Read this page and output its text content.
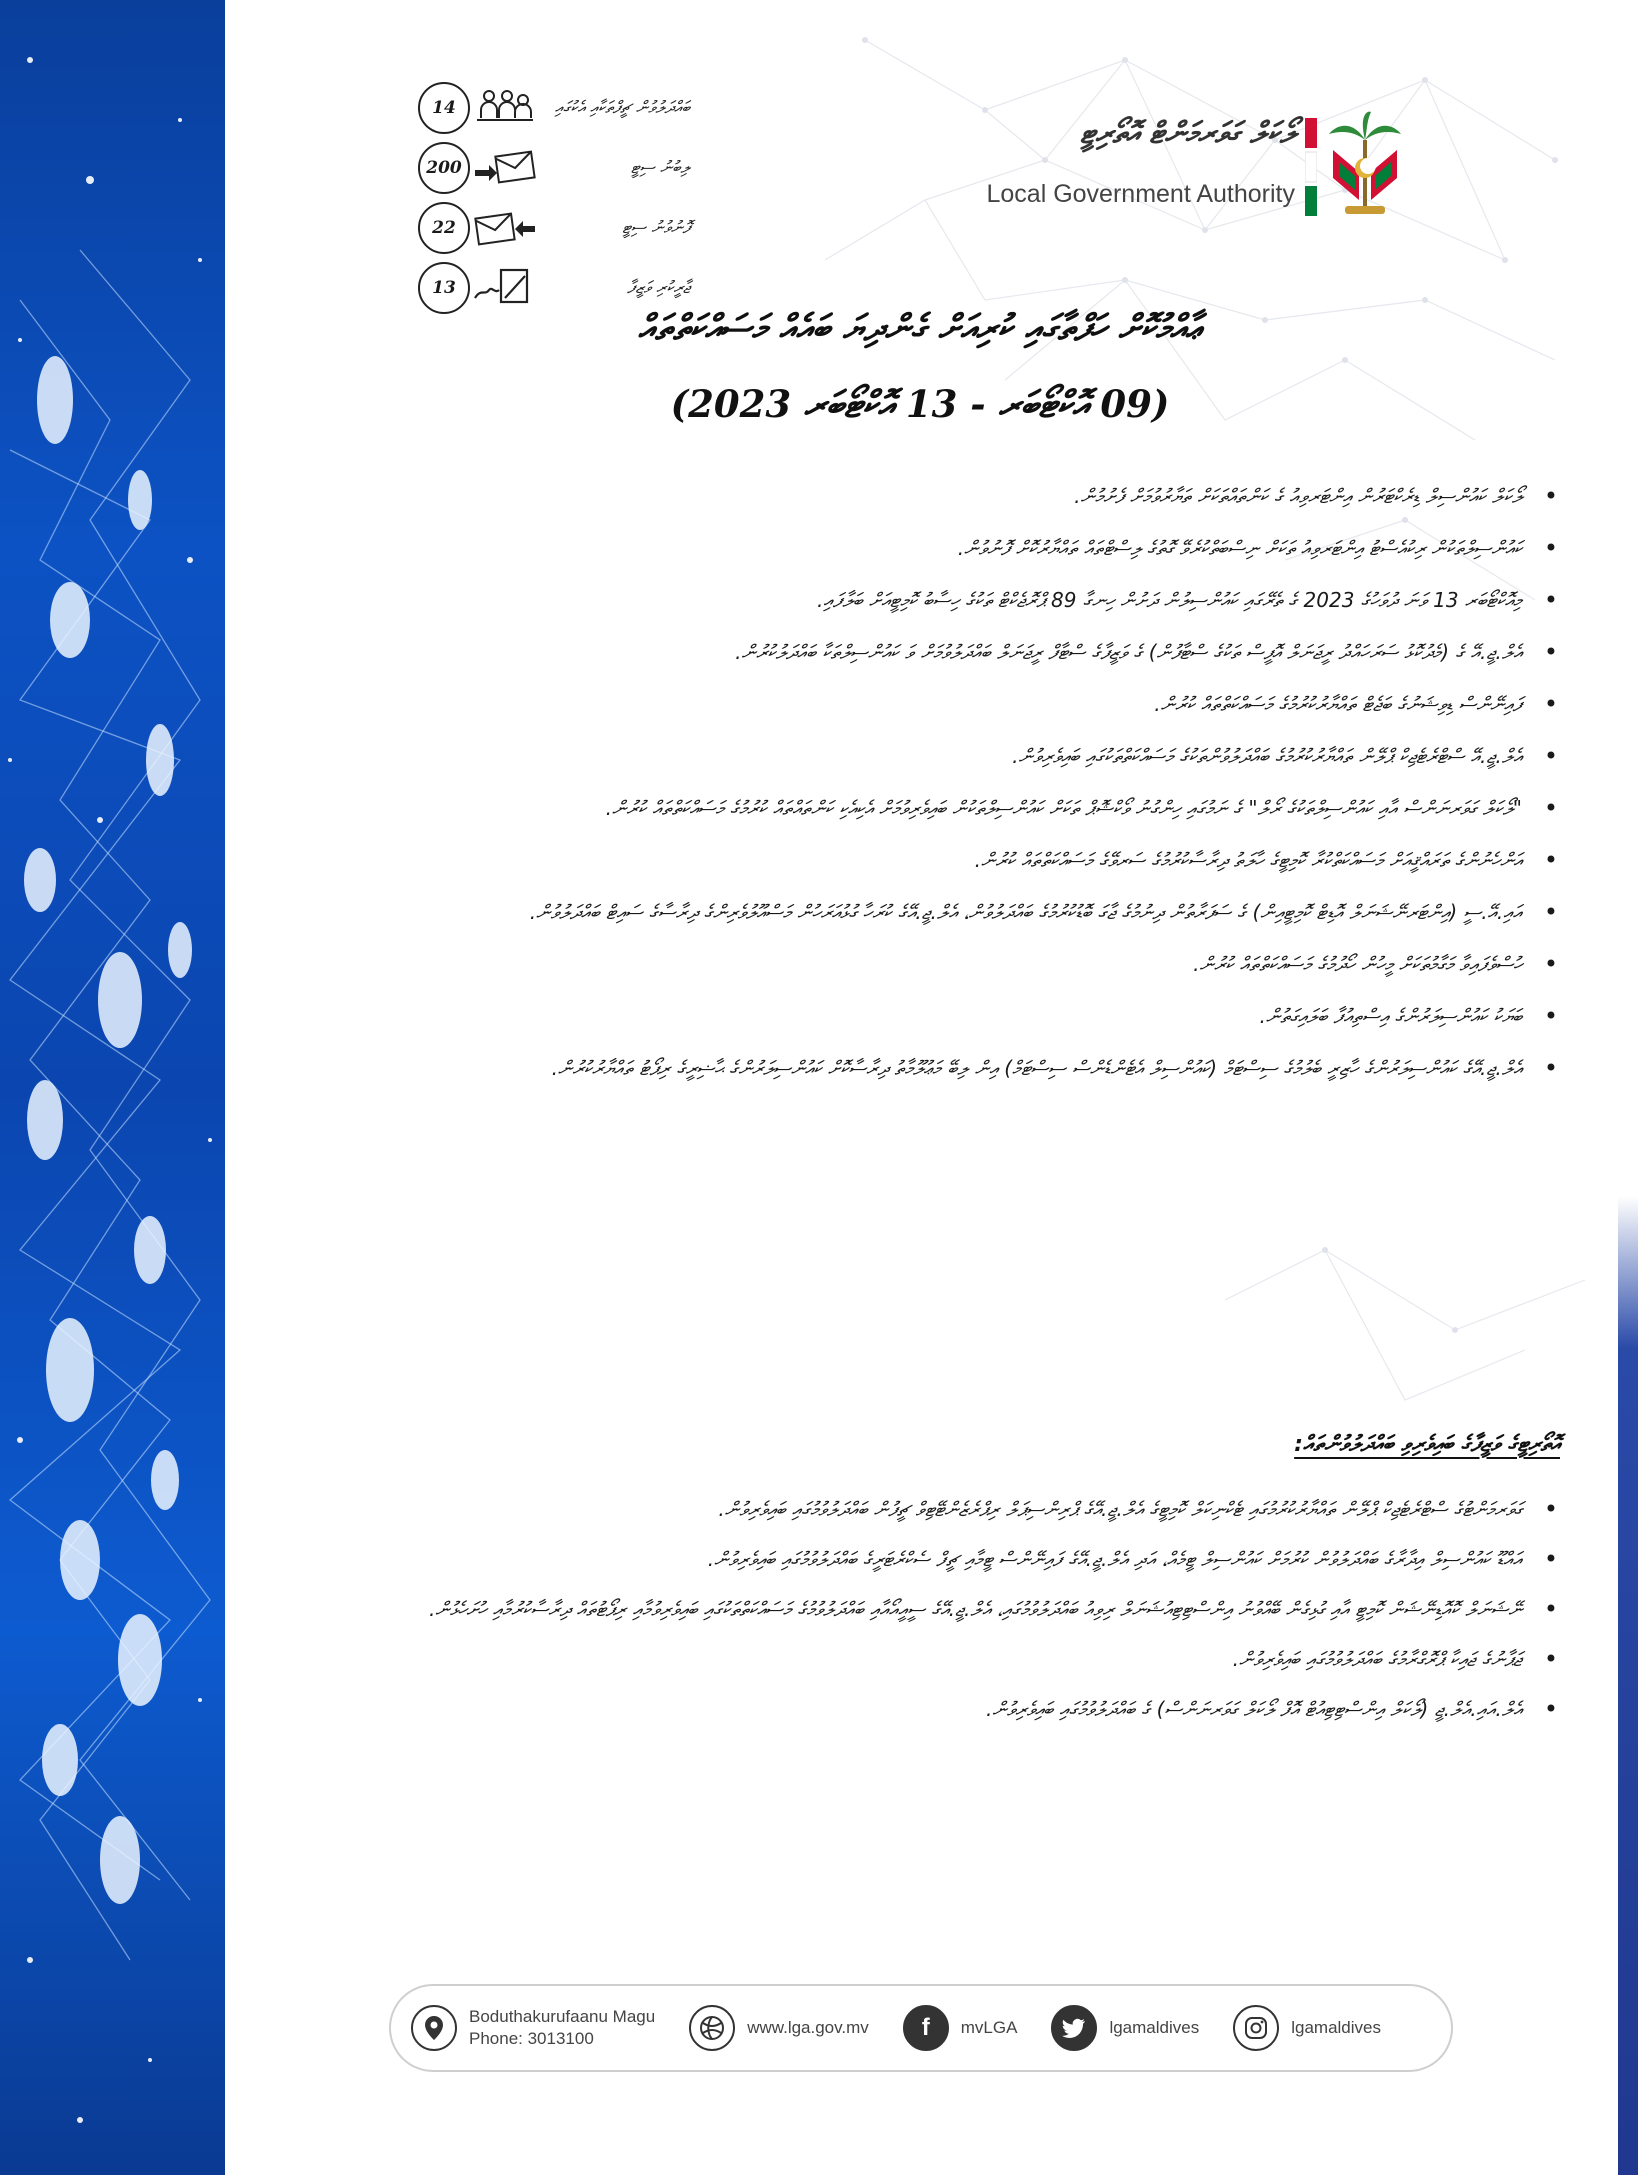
ބައްދަލުވުން ޗީފްތަކާއި އެކުގައި
14
ލިބުނު ސިޓީ
200
ފޮނުވުނު ސިޓީ
22
ޖާރީކުރި ވަޒީފާ
13
ލޯކަލް ގަވަރމަންޓް އޮތޯރިޓީ
Local Government Authority
ޢާއްމުކޮށް ހަފްތާގައި ކުރިއަށް ގެންދިޔަ ބައެއް މަސައްކަތްތައް
(09 އޮކްޓޯބަރ - 13 އޮކްޓޯބަރ 2023)
• ލޯކަލް ކައުންސިލް ޑިރެކްޓަރުން އިންޓަރވިއު ގެ ކަންތައްތަކަށް ތަޔާރުވުމަށް ފެށުމުން.
• ކައުންސިލްތަކުން ރިކުއެސްޓު އިންޓަރވިއު ތަކަށް ނިސްބަތްކުރެވޭ ގޮތުގެ ލިސްޓްތައް ތައްޔާރުކޮށް ފޮނުވުން.
• މިއޮކްޓޯބަރ 13 ވަނަ ދުވަހުގެ 2023 ގެ ތެރޭގައި ކައުންސިލުން ދަށުން ހިނގާ 89 ޕްރޮޖެކްޓް ތަކުގެ ހިސާބު ކޮމިޓީއަށް ބަލާފައި.
• އެލް.ޖީ.އޭ ގެ (މެދުކޮޅު ސަރަހައްދު ރީޖަނަލް އޮފީސް ތަކުގެ ސްޓާފުން) ގެ ވަޒީފާގެ ސްޓާފް ރީޖަނަލް ބައްދަލުވުމަށް ވަ ކައުންސިލްތަކާ ބައްދަލުކުރުން.
• ފައިނޭންސް ޑިވިޝަނުގެ ބަޖެޓް ތައްޔާރުކުރުމުގެ މަސައްކަތްތައް ކުރުން.
• އެލް.ޖީ.އޭ ސްޓްރެޓެޖިކް ޕްލޭން ތައްޔާރުކުރުމުގެ ބައްދަލުވުންތަކުގެ މަސައްކަތްތަކުގައި ބައިވެރިވުން.
• "ލޯކަލް ގަވަރނަންސް އާއި ކައުންސިލްތަކުގެ ރޯލް" ގެ ނަމުގައި ހިންގުނު ވޯކްޝޮޕް ތަކަށް ކައުންސިލްތަކުން ބައިވެރިވުމަށް އެކިއެކި ކަންތައްތައް ކުރުމުގެ މަސައްކަތްތައް ކުރުން.
• އަންހެނުންގެ ތަރައްޤީއަށް މަސައްކަތްކުރާ ކޮމިޓީގެ ހާލަތު ދިރާސާކުރުމުގެ ސަރވޭގެ މަސައްކަތްތައް ކުރުން.
• އައި.އޭ.ސީ (އިންޓަރނޭޝަނަލް އޮޑިޓް ކޮމިޓީއިން) ގެ ސަފަރާތުން ދިނުމުގެ ޖާގަ ބޮޑުކުރުމުގެ ބައްދަލުވުން، އެލް.ޖީ.އޭގެ ކުރަހާ ގުޅުއަރަހުން މަސްއޫލުވެރިންގެ ދިރާސާގެ ސައިޓް ބައްދަލުވުން.
• ހުސްވެފައިވާ މަގާމުތަކަށް މީހުން ހޯދުމުގެ މަސައްކަތްތައް ކުރުން.
• ބަޔަކު ކައުންސިލަރުންގެ އިސްތިއުފާ ބަލައިގަތުން.
• އެލް.ޖީ.އޭގެ ކައުންސިލަރުންގެ ހާޒިރީ ބެލުމުގެ ސިސްޓަމް (ކައުންސިލް އެޓެންޑެންސް ސިސްޓަމް) އިން ލިބޭ މަޢުލޫމާތު ދިރާސާކޮށް ކައުންސިލަރުންގެ ޙާޟިރީގެ ރިޕޯޓު ތައްޔާރުކުރުން.
އޮތޯރިޓީގެ ވަޒީފާގެ ބައިވެރިވި ބައްދަލުވުންތައް:
• ގަވަރމަންޓުގެ ސްޓްރެޓެޖިކް ޕްލޭން ތައްޔާރުކުރުމުގައި ޓެކްނިކަލް ކޮމިޓީގެ އެލް.ޖީ.އޭގެ ޕްރިންސިޕަލް ރިޕްރެޒެންޓޭޓިވް ޗީފުން ބައްދަލުވުމުގައި ބައިވެރިވުން.
• އައްޑޫ ކައުންސިލް އިދާރާގެ ބައްދަލުވުން ކުރުމަށް ކައުންސިލް ޓީމެއް، އަދި އެލް.ޖީ.އޭގެ ފައިނޭންސް ޓީމާއި ޗީފް ސެކްރެޓަރީގެ ބައްދަލުވުމުގައި ބައިވެރިވުން.
• ނޭޝަނަލް ކޮއޮޑިނޭޝަން ކޮމިޓީ އާއި ގުޅިގެން ބޭއްވުނު އިންސްޓިޓިއުޝަނަލް ރިވިއު ބައްދަލުވުމުގައި، އެލް.ޖީ.އޭގެ ސީއީއޯއާއި ބައްދަލުވުމުގެ މަސައްކަތްތަކުގައި ބައިވެރިވުމާއި ރިޕޯޓުތައް ދިރާސާކުރުމާއި ހުށަހެޅުން.
• ޖަޕާނުގެ ޖައިކާ ޕްރޮގްރާމުގެ ބައްދަލުވުމުގައި ބައިވެރިވުން.
• އެލް.އައި.އެލް.ޖީ (ލޯކަލް އިންސްޓިޓިއުޓް އޮފް ލޯކަލް ގަވަރނަންސް) ގެ ބައްދަލުވުމުގައި ބައިވެރިވުން.
Boduthakurufaanu Magu
Phone: 3013100
www.lga.gov.mv f mvLGA	lgamaldives	lgamaldives
